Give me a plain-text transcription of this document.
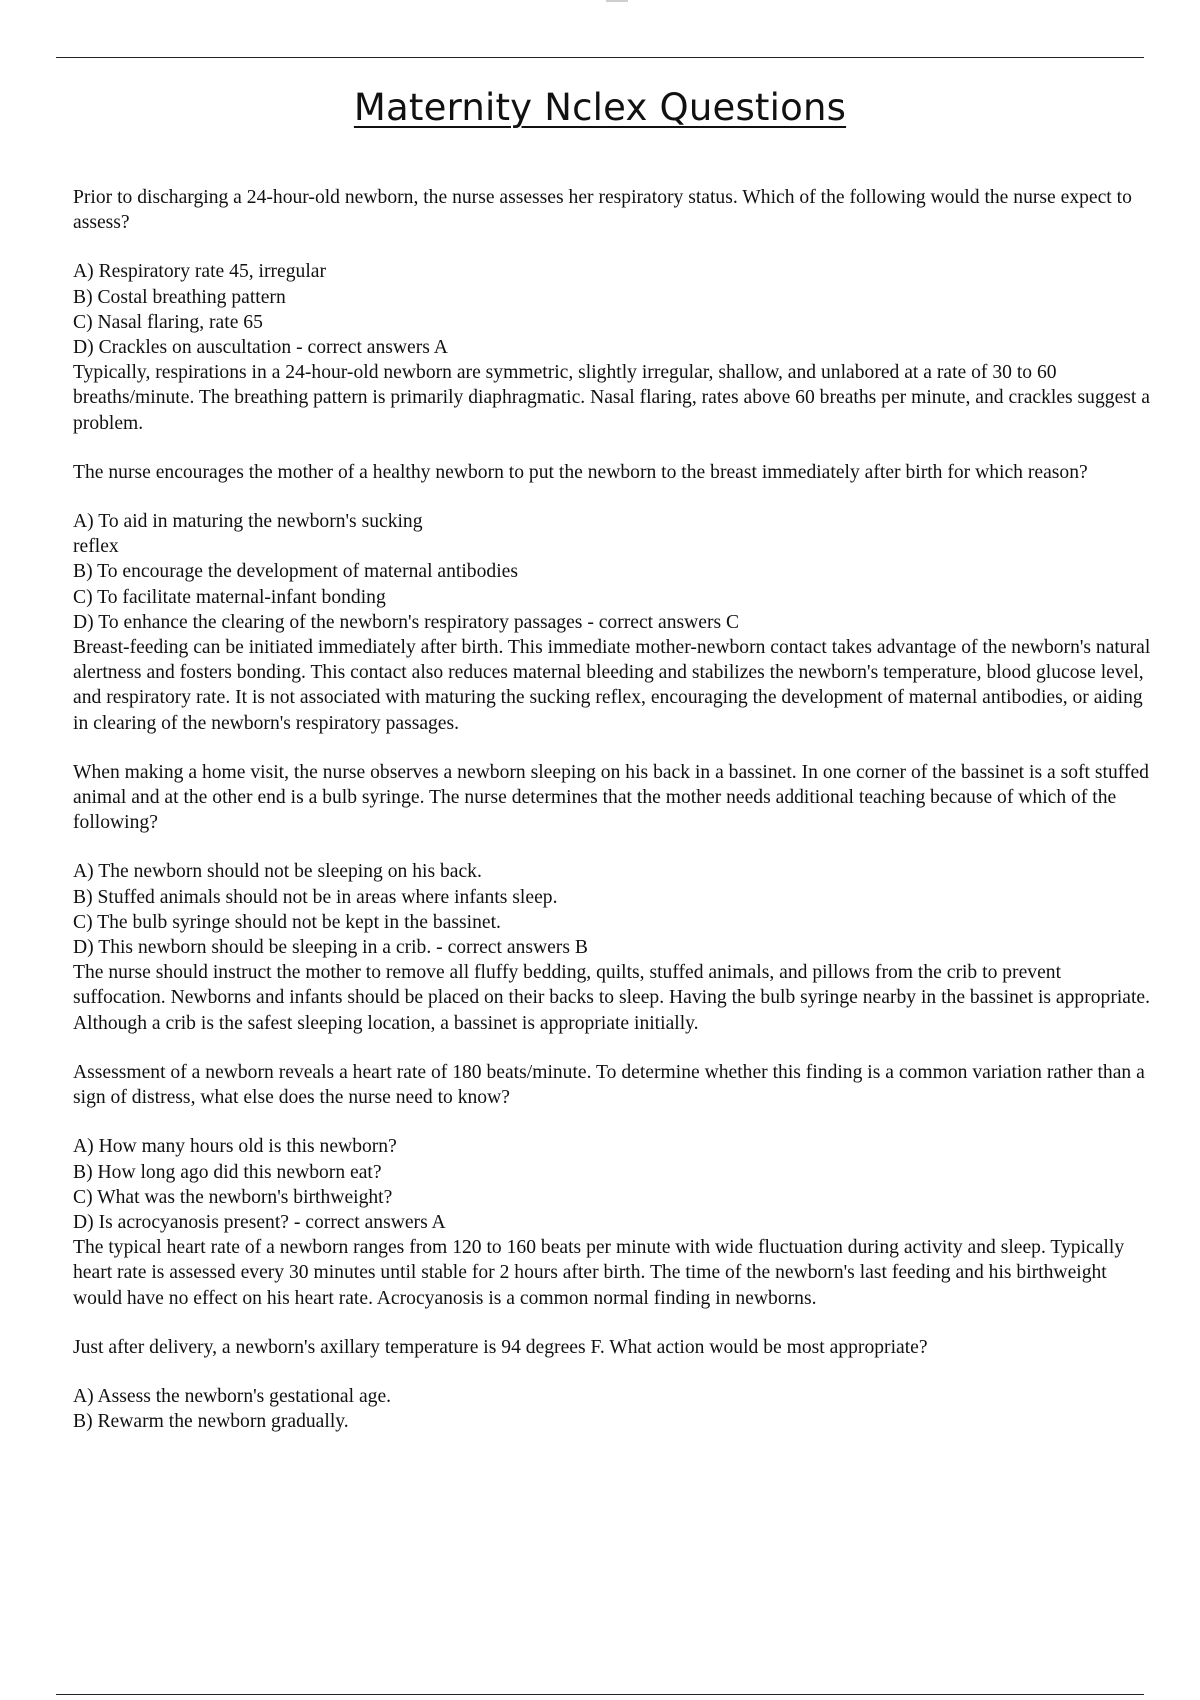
Maternity Nclex Questions

Prior to discharging a 24-hour-old newborn, the nurse assesses her respiratory status. Which of the following would the nurse expect to assess?

A) Respiratory rate 45, irregular

B) Costal breathing pattern

C) Nasal flaring, rate 65

D) Crackles on auscultation - correct answers A

Typically, respirations in a 24-hour-old newborn are symmetric, slightly irregular, shallow, and unlabored at a rate of 30 to 60 breaths/minute. The breathing pattern is primarily diaphragmatic. Nasal flaring, rates above 60 breaths per minute, and crackles suggest a problem.

The nurse encourages the mother of a healthy newborn to put the newborn to the breast immediately after birth for which reason?

A) To aid in maturing the newborn's sucking
reflex

B) To encourage the development of maternal antibodies

C) To facilitate maternal-infant bonding

D) To enhance the clearing of the newborn's respiratory passages - correct answers C

Breast-feeding can be initiated immediately after birth. This immediate mother-newborn contact takes advantage of the newborn's natural alertness and fosters bonding. This contact also reduces maternal bleeding and stabilizes the newborn's temperature, blood glucose level, and respiratory rate. It is not associated with maturing the sucking reflex, encouraging the development of maternal antibodies, or aiding in clearing of the newborn's respiratory passages.

When making a home visit, the nurse observes a newborn sleeping on his back in a bassinet. In one corner of the bassinet is a soft stuffed animal and at the other end is a bulb syringe. The nurse determines that the mother needs additional teaching because of which of the following?

A) The newborn should not be sleeping on his back.

B) Stuffed animals should not be in areas where infants sleep.

C) The bulb syringe should not be kept in the bassinet.

D) This newborn should be sleeping in a crib. - correct answers B

The nurse should instruct the mother to remove all fluffy bedding, quilts, stuffed animals, and pillows from the crib to prevent suffocation. Newborns and infants should be placed on their backs to sleep. Having the bulb syringe nearby in the bassinet is appropriate. Although a crib is the safest sleeping location, a bassinet is appropriate initially.

Assessment of a newborn reveals a heart rate of 180 beats/minute. To determine whether this finding is a common variation rather than a sign of distress, what else does the nurse need to know?

A) How many hours old is this newborn?

B) How long ago did this newborn eat?

C) What was the newborn's birthweight?

D) Is acrocyanosis present? - correct answers A

The typical heart rate of a newborn ranges from 120 to 160 beats per minute with wide fluctuation during activity and sleep. Typically heart rate is assessed every 30 minutes until stable for 2 hours after birth. The time of the newborn's last feeding and his birthweight would have no effect on his heart rate. Acrocyanosis is a common normal finding in newborns.

Just after delivery, a newborn's axillary temperature is 94 degrees F. What action would be most appropriate?

A) Assess the newborn's gestational age.

B) Rewarm the newborn gradually.
